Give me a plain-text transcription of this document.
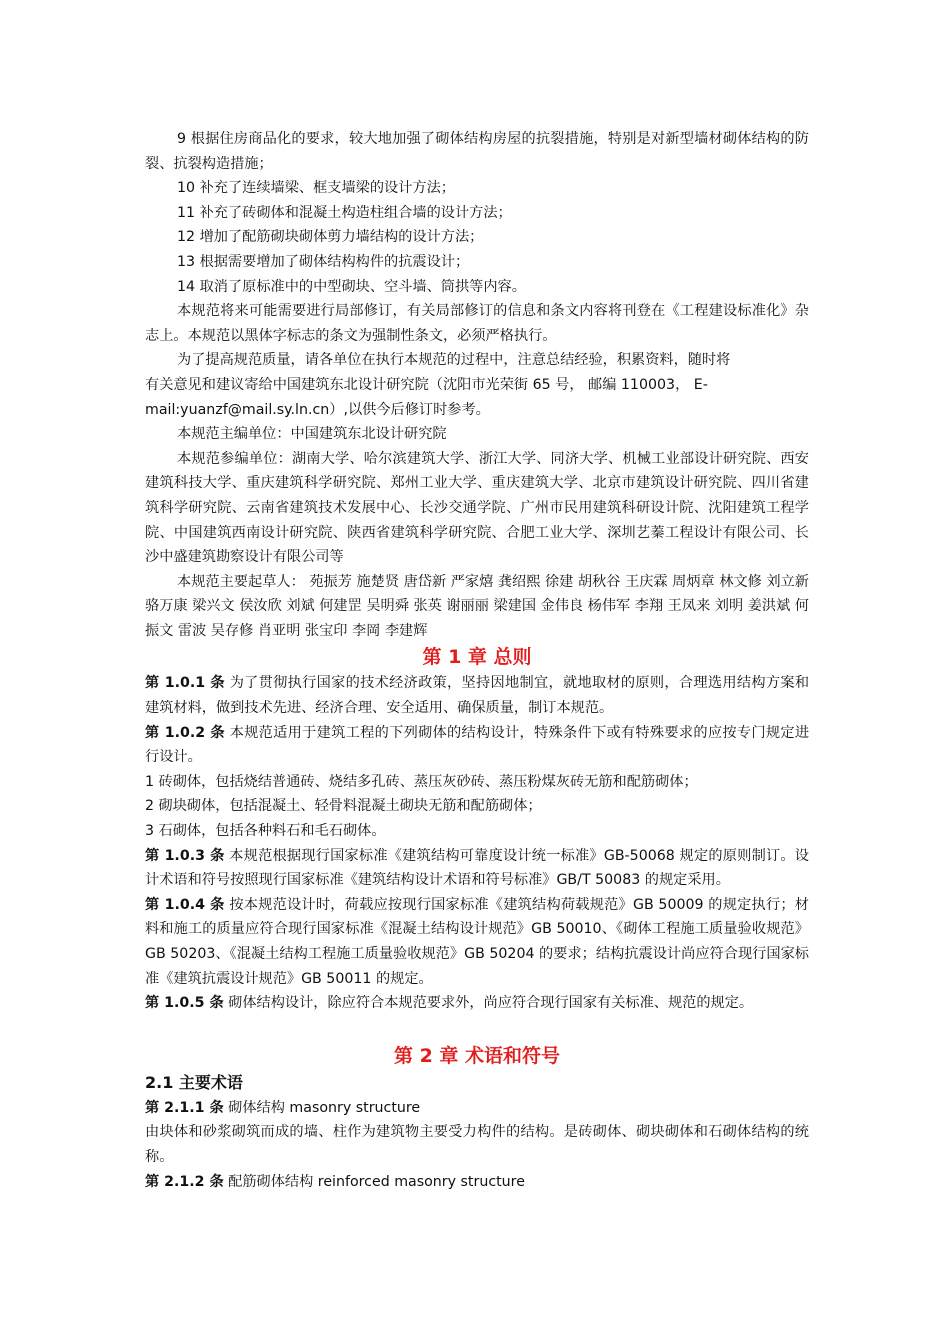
9 根据住房商品化的要求，较大地加强了砌体结构房屋的抗裂措施，特别是对新型墙材砌体结构的防裂、抗裂构造措施；

10 补充了连续墙梁、框支墙梁的设计方法；

11 补充了砖砌体和混凝土构造柱组合墙的设计方法；

12 增加了配筋砌块砌体剪力墙结构的设计方法；

13 根据需要增加了砌体结构构件的抗震设计；

14 取消了原标准中的中型砌块、空斗墙、筒拱等内容。

本规范将来可能需要进行局部修订，有关局部修订的信息和条文内容将刊登在《工程建设标准化》杂志上。本规范以黑体字标志的条文为强制性条文，必须严格执行。

为了提高规范质量，请各单位在执行本规范的过程中，注意总结经验，积累资料，随时将

有关意见和建议寄给中国建筑东北设计研究院（沈阳市光荣街 65 号， 邮编 110003， E-

mail:yuanzf@mail.sy.ln.cn）,以供今后修订时参考。

本规范主编单位：中国建筑东北设计研究院

本规范参编单位：湖南大学、哈尔滨建筑大学、浙江大学、同济大学、机械工业部设计研究院、西安建筑科技大学、重庆建筑科学研究院、郑州工业大学、重庆建筑大学、北京市建筑设计研究院、四川省建筑科学研究院、云南省建筑技术发展中心、长沙交通学院、广州市民用建筑科研设计院、沈阳建筑工程学院、中国建筑西南设计研究院、陕西省建筑科学研究院、合肥工业大学、深圳艺蓁工程设计有限公司、长沙中盛建筑勘察设计有限公司等

本规范主要起草人： 苑振芳 施楚贤 唐岱新 严家熺 龚绍熙 徐建 胡秋谷 王庆霖 周炳章 林文修 刘立新 骆万康 梁兴文 侯汝欣 刘斌 何建罡 吴明舜 张英 谢丽丽 梁建国 金伟良 杨伟军 李翔 王凤来 刘明 姜洪斌 何振文 雷波 吴存修 肖亚明 张宝印 李岡 李建辉

第 1 章 总则

第 1.0.1 条 为了贯彻执行国家的技术经济政策，坚持因地制宜，就地取材的原则，合理选用结构方案和建筑材料，做到技术先进、经济合理、安全适用、确保质量，制订本规范。

第 1.0.2 条 本规范适用于建筑工程的下列砌体的结构设计，特殊条件下或有特殊要求的应按专门规定进行设计。

1 砖砌体，包括烧结普通砖、烧结多孔砖、蒸压灰砂砖、蒸压粉煤灰砖无筋和配筋砌体；

2 砌块砌体，包括混凝土、轻骨料混凝土砌块无筋和配筋砌体；

3 石砌体，包括各种料石和毛石砌体。

第 1.0.3 条 本规范根据现行国家标准《建筑结构可靠度设计统一标准》GB-50068 规定的原则制订。设计术语和符号按照现行国家标准《建筑结构设计术语和符号标准》GB/T 50083 的规定采用。

第 1.0.4 条 按本规范设计时，荷载应按现行国家标准《建筑结构荷载规范》GB 50009 的规定执行；材料和施工的质量应符合现行国家标准《混凝土结构设计规范》GB 50010、《砌体工程施工质量验收规范》GB 50203、《混凝土结构工程施工质量验收规范》GB 50204 的要求；结构抗震设计尚应符合现行国家标准《建筑抗震设计规范》GB 50011 的规定。

第 1.0.5 条 砌体结构设计，除应符合本规范要求外，尚应符合现行国家有关标准、规范的规定。

第 2 章 术语和符号
2.1 主要术语

第 2.1.1 条 砌体结构 masonry structure

由块体和砂浆砌筑而成的墙、柱作为建筑物主要受力构件的结构。是砖砌体、砌块砌体和石砌体结构的统称。

第 2.1.2 条 配筋砌体结构 reinforced masonry structure
